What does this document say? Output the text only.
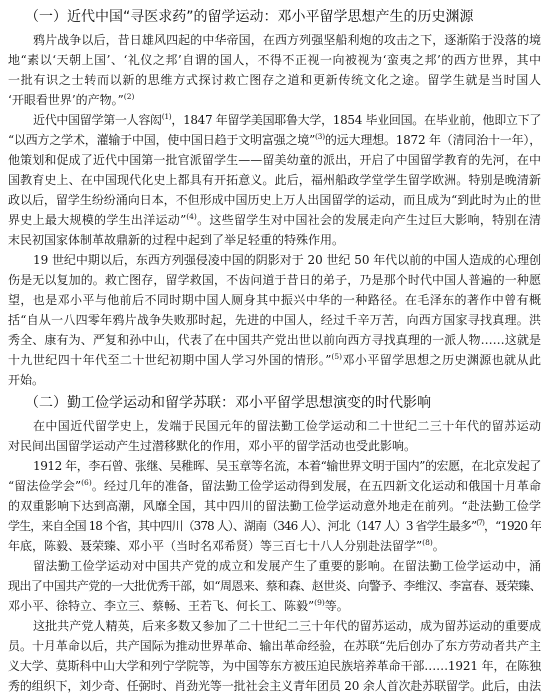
（一）近代中国“寻医求药”的留学运动：邓小平留学思想产生的历史渊源
鸦片战争以后，昔日雄风四起的中华帝国，在西方列强坚船利炮的攻击之下，逐渐陷于没落的境
地“素以‘天朝上国’、‘礼仪之邦’自谓的国人，不得不正视一向被视为‘蛮夷之邦’的西方世界，其中
一批有识之士转而以新的思维方式探讨救亡图存之道和更新传统文化之途。留学生就是当时国人
‘开眼看世界’的产物。”$^{(2)}$
近代中国留学第一人容闳$^{(1)}$，1847 年留学美国耶鲁大学，1854 毕业回国。在毕业前，他即立下了
“以西方之学术，灌输于中国，使中国日趋于文明富强之境”$^{(3)}$的远大理想。1872 年（清同治十一年），
他策划和促成了近代中国第一批官派留学生——留美幼童的派出，开启了中国留学教育的先河，在中
国教育史上、在中国现代化史上都具有开拓意义。此后，福州船政学堂学生留学欧洲。特别是晚清新
政以后，留学生纷纷涌向日本，不但形成中国历史上万人出国留学的运动，而且成为“到此时为止的世
界史上最大规模的学生出洋运动”$^{(4)}$。这些留学生对中国社会的发展走向产生过巨大影响，特别在清
末民初国家体制革故鼎新的过程中起到了举足轻重的特殊作用。
19 世纪中期以后，东西方列强侵凌中国的阴影对于 20 世纪 50 年代以前的中国人造成的心理创
伤是无以复加的。救亡图存，留学救国，不齿问道于昔日的弟子，乃是那个时代中国人普遍的一种愿
望，也是邓小平与他前后不同时期中国人厕身其中振兴中华的一种路径。在毛泽东的著作中曾有概
括“自从一八四零年鸦片战争失败那时起，先进的中国人，经过千辛万苦，向西方国家寻找真理。洪
秀全、康有为、严复和孙中山，代表了在中国共产党出世以前向西方寻找真理的一派人物……这就是
十九世纪四十年代至二十世纪初期中国人学习外国的情形。”$^{(5)}$邓小平留学思想之历史渊源也就从此
开始。
（二）勤工俭学运动和留学苏联：邓小平留学思想演变的时代影响
在中国近代留学史上，发端于民国元年的留法勤工俭学运动和二十世纪二三十年代的留苏运动
对民间出国留学运动产生过潜移默化的作用，邓小平的留学活动也受此影响。
1912 年，李石曾、张继、吴稚晖、吴玉章等名流，本着“输世界文明于国内”的宏愿，在北京发起了
“留法俭学会”$^{(6)}$。经过几年的准备，留法勤工俭学运动得到发展，在五四新文化运动和俄国十月革命
的双重影响下达到高潮，风靡全国，其中四川的留法勤工俭学运动意外地走在前列。“赴法勤工俭学
学生，来自全国 18 个省，其中四川（378 人）、湖南（346 人）、河北（147 人）3 省学生最多”$^{(7)}$，“1920 年
年底，陈毅、聂荣臻、邓小平（当时名邓希贤）等三百七十八人分别赴法留学”$^{(8)}$。
留法勤工俭学运动对中国共产党的成立和发展产生了重要的影响。在留法勤工俭学运动中，涌
现出了中国共产党的一大批优秀干部，如“周恩来、蔡和森、赵世炎、向警予、李维汉、李富春、聂荣臻、
邓小平、徐特立、李立三、蔡畅、王若飞、何长工、陈毅”$^{(9)}$等。
这批共产党人精英，后来多数又参加了二十世纪二三十年代的留苏运动，成为留苏运动的重要成
员。十月革命以后，共产国际为推动世界革命、输出革命经验，在苏联“先后创办了东方劳动者共产主
义大学、莫斯科中山大学和列宁学院等，为中国等东方被压迫民族培养革命干部……1921 年，在陈独
秀的组织下，刘少奇、任弼时、肖劲光等一批社会主义青年团员 20 余人首次赴苏联留学。此后，由法
